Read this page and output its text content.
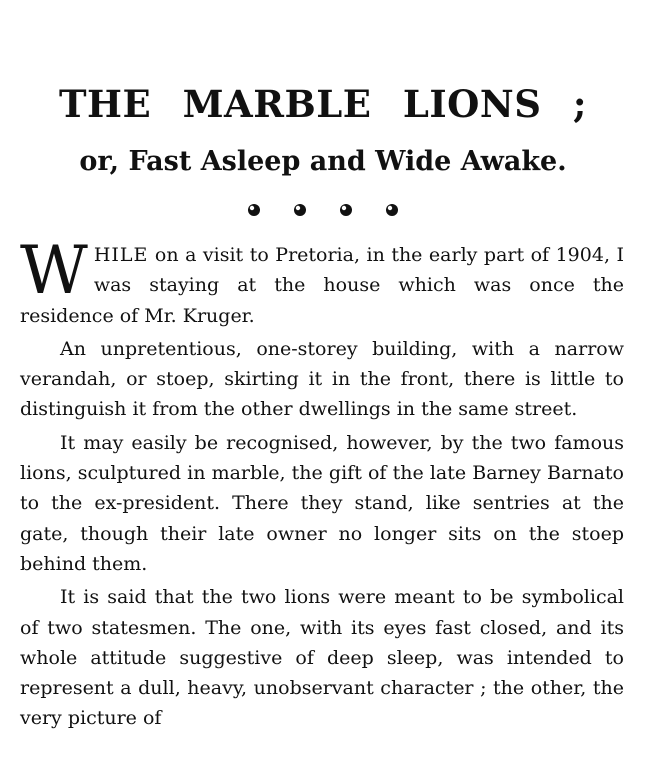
THE MARBLE LIONS ;
or, Fast Asleep and Wide Awake.

WHILE on a visit to Pretoria, in the early part of 1904, I was staying at the house which was once the residence of Mr. Kruger.

An unpretentious, one-storey building, with a narrow verandah, or stoep, skirting it in the front, there is little to distinguish it from the other dwellings in the same street.

It may easily be recognised, however, by the two famous lions, sculptured in marble, the gift of the late Barney Barnato to the ex-president. There they stand, like sentries at the gate, though their late owner no longer sits on the stoep behind them.

It is said that the two lions were meant to be symbolical of two statesmen. The one, with its eyes fast closed, and its whole attitude suggestive of deep sleep, was intended to represent a dull, heavy, unobservant character ; the other, the very picture of
